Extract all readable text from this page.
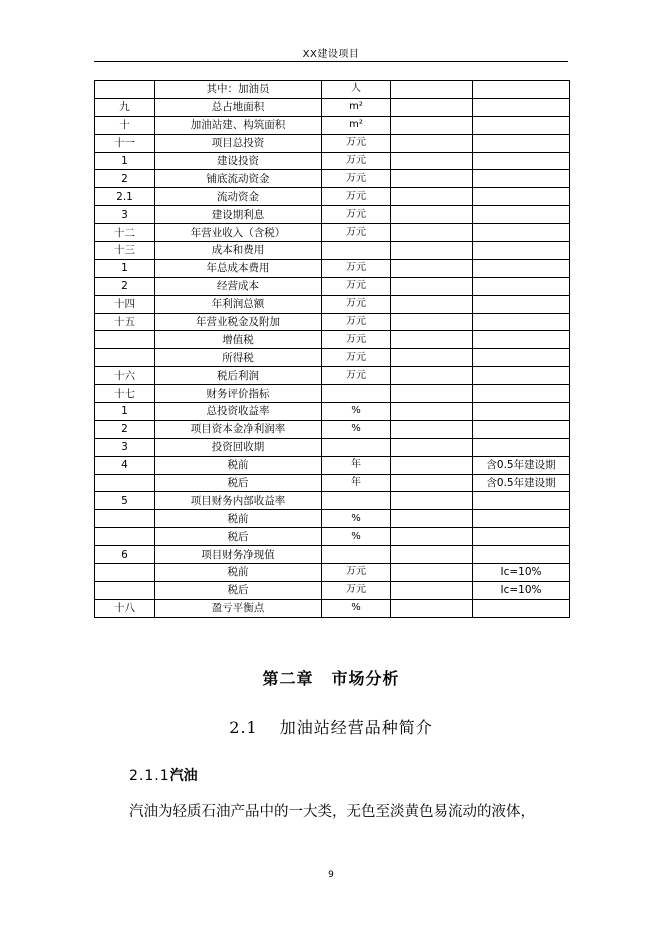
XX建设项目
	其中：加油员	人		
九	总占地面积	m²		
十	加油站建、构筑面积	m²		
十一	项目总投资	万元		
1	建设投资	万元		
2	铺底流动资金	万元		
2.1	流动资金	万元		
3	建设期利息	万元		
十二	年营业收入（含税）	万元		
十三	成本和费用			
1	年总成本费用	万元		
2	经营成本	万元		
十四	年利润总额	万元		
十五	年营业税金及附加	万元		
	增值税	万元		
	所得税	万元		
十六	税后利润	万元		
十七	财务评价指标			
1	总投资收益率	%		
2	项目资本金净利润率	%		
3	投资回收期			
4	税前	年		含0.5年建设期
	税后	年		含0.5年建设期
5	项目财务内部收益率			
	税前	%		
	税后	%		
6	项目财务净现值			
	税前	万元		Ic=10%
	税后	万元		Ic=10%
十八	盈亏平衡点	%		
第二章 市场分析
2.1 加油站经营品种简介
2.1.1汽油
汽油为轻质石油产品中的一大类，无色至淡黄色易流动的液体，
9
